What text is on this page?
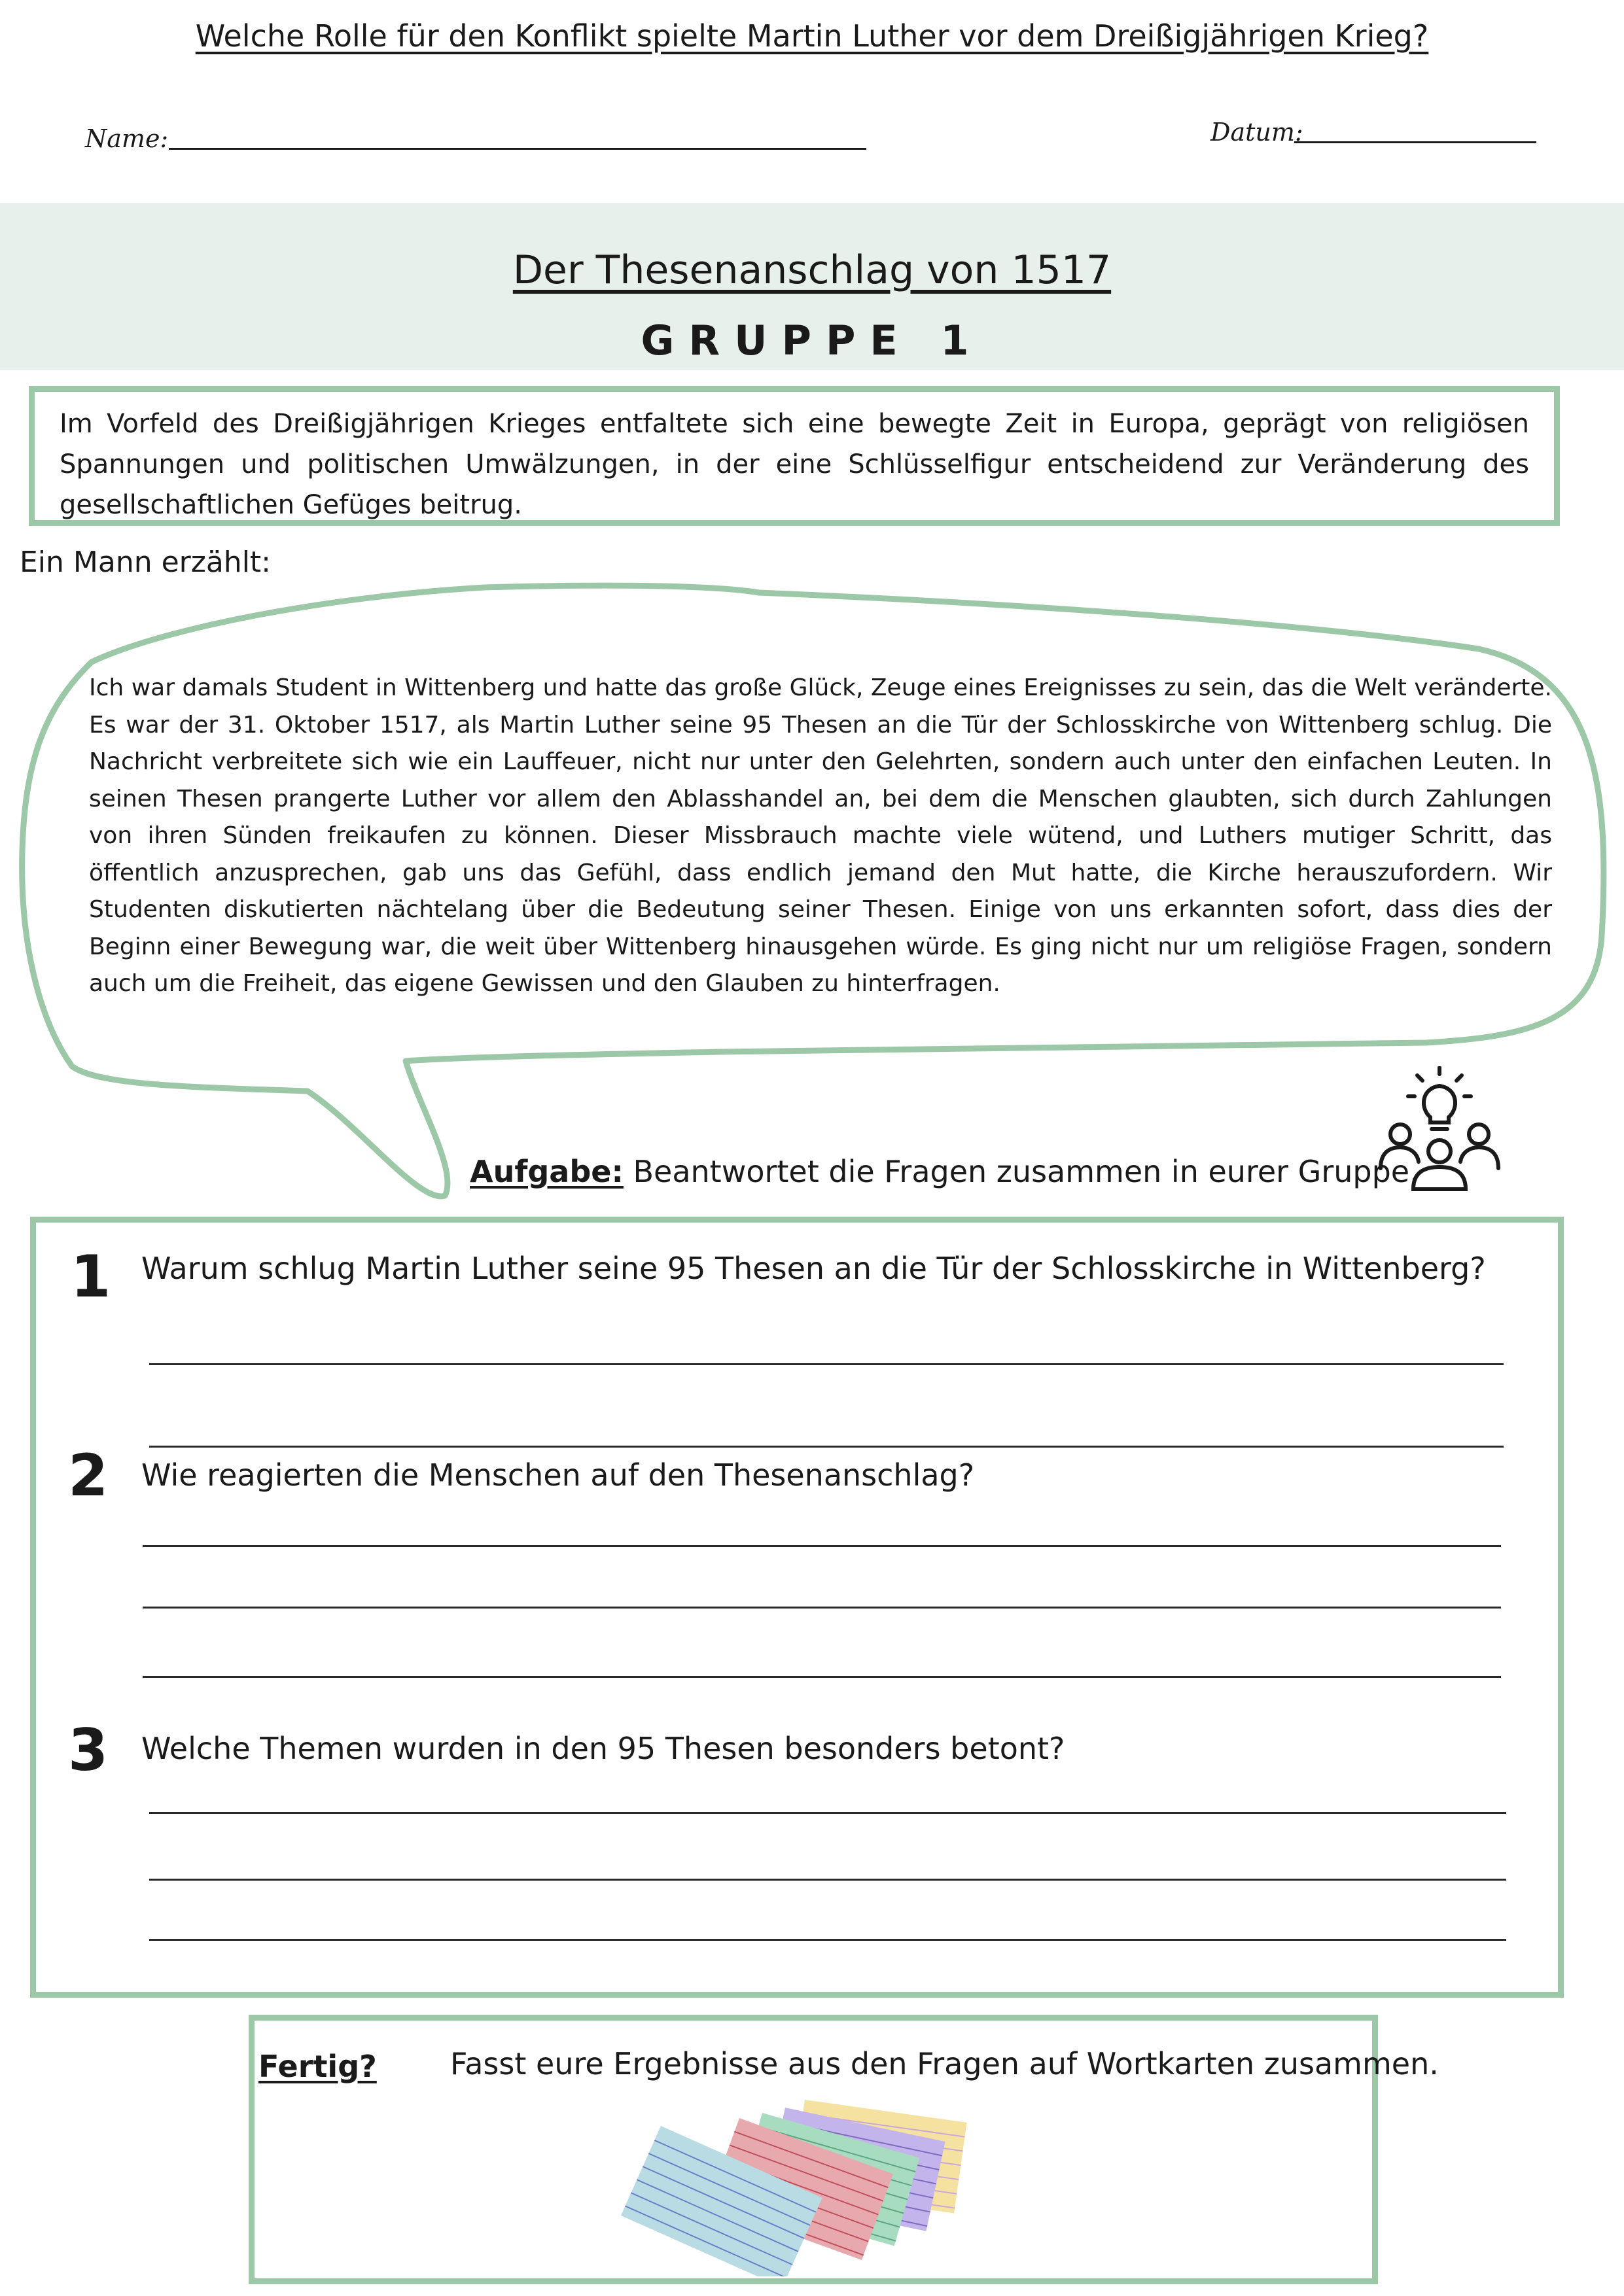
Welche Rolle für den Konflikt spielte Martin Luther vor dem Dreißigjährigen Krieg?
Name:	Datum:
Der Thesenanschlag von 1517
GRUPPE 1
Im Vorfeld des Dreißigjährigen Krieges entfaltete sich eine bewegte Zeit in Europa, geprägt von religiösen Spannungen und politischen Umwälzungen, in der eine Schlüsselfigur entscheidend zur Veränderung des gesellschaftlichen Gefüges beitrug.
Ein Mann erzählt:
Ich war damals Student in Wittenberg und hatte das große Glück, Zeuge eines Ereignisses zu sein, das die Welt veränderte. Es war der 31. Oktober 1517, als Martin Luther seine 95 Thesen an die Tür der Schlosskirche von Wittenberg schlug. Die Nachricht verbreitete sich wie ein Lauffeuer, nicht nur unter den Gelehrten, sondern auch unter den einfachen Leuten. In seinen Thesen prangerte Luther vor allem den Ablasshandel an, bei dem die Menschen glaubten, sich durch Zahlungen von ihren Sünden freikaufen zu können. Dieser Missbrauch machte viele wütend, und Luthers mutiger Schritt, das öffentlich anzusprechen, gab uns das Gefühl, dass endlich jemand den Mut hatte, die Kirche herauszufordern. Wir Studenten diskutierten nächtelang über die Bedeutung seiner Thesen. Einige von uns erkannten sofort, dass dies der Beginn einer Bewegung war, die weit über Wittenberg hinausgehen würde. Es ging nicht nur um religiöse Fragen, sondern auch um die Freiheit, das eigene Gewissen und den Glauben zu hinterfragen.
Aufgabe: Beantwortet die Fragen zusammen in eurer Gruppe.
1 Warum schlug Martin Luther seine 95 Thesen an die Tür der Schlosskirche in Wittenberg?
2 Wie reagierten die Menschen auf den Thesenanschlag?
3 Welche Themen wurden in den 95 Thesen besonders betont?
Fertig? Fasst eure Ergebnisse aus den Fragen auf Wortkarten zusammen.
